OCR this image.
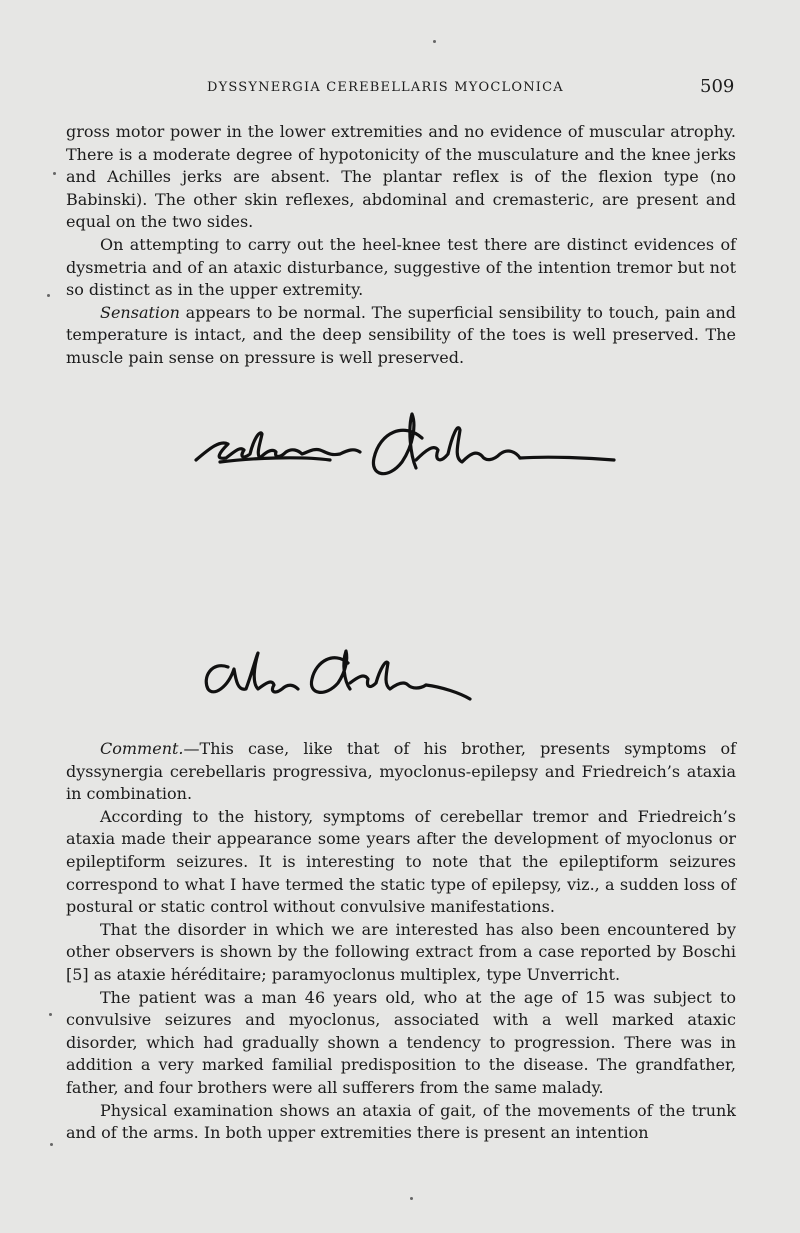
DYSSYNERGIA CEREBELLARIS MYOCLONICA	509

gross motor power in the lower extremities and no evidence of muscular atrophy. There is a moderate degree of hypotonicity of the musculature and the knee jerks and Achilles jerks are absent. The plantar reflex is of the flexion type (no Babinski). The other skin reflexes, abdominal and cremasteric, are present and equal on the two sides.

On attempting to carry out the heel-knee test there are distinct evidences of dysmetria and of an ataxic disturbance, suggestive of the intention tremor but not so distinct as in the upper extremity.

Sensation appears to be normal. The superficial sensibility to touch, pain and temperature is intact, and the deep sensibility of the toes is well preserved. The muscle pain sense on pressure is well preserved.

Comment.—This case, like that of his brother, presents symptoms of dyssynergia cerebellaris progressiva, myoclonus-epilepsy and Friedreich’s ataxia in combination.

According to the history, symptoms of cerebellar tremor and Friedreich’s ataxia made their appearance some years after the development of myoclonus or epileptiform seizures. It is interesting to note that the epileptiform seizures correspond to what I have termed the static type of epilepsy, viz., a sudden loss of postural or static control without convulsive manifestations.

That the disorder in which we are interested has also been encountered by other observers is shown by the following extract from a case reported by Boschi [5] as ataxie héréditaire; paramyoclonus multiplex, type Unverricht.

The patient was a man 46 years old, who at the age of 15 was subject to convulsive seizures and myoclonus, associated with a well marked ataxic disorder, which had gradually shown a tendency to progression. There was in addition a very marked familial predisposition to the disease. The grandfather, father, and four brothers were all sufferers from the same malady.

Physical examination shows an ataxia of gait, of the movements of the trunk and of the arms. In both upper extremities there is present an intention
